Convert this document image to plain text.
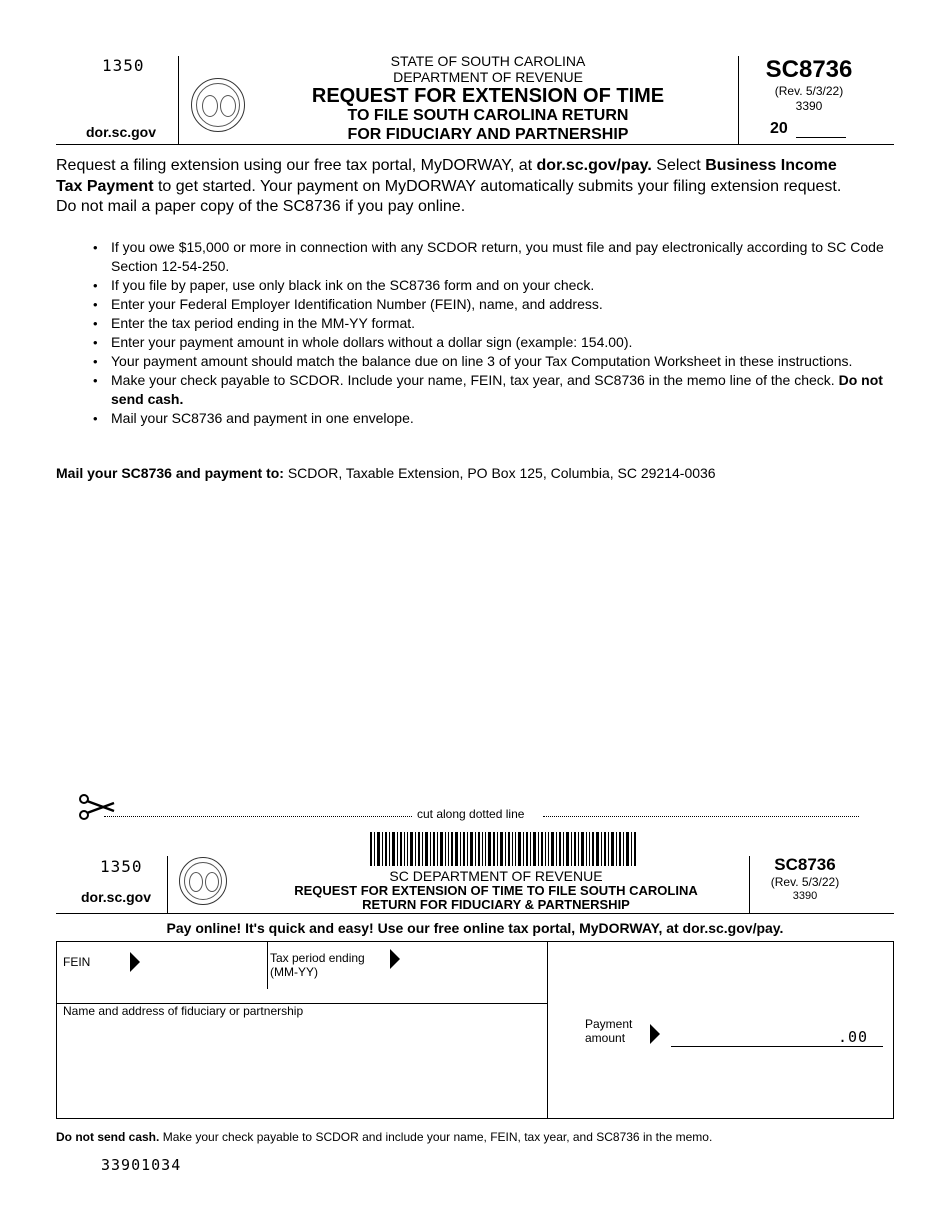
1350
dor.sc.gov
STATE OF SOUTH CAROLINA
DEPARTMENT OF REVENUE
REQUEST FOR EXTENSION OF TIME
TO FILE SOUTH CAROLINA RETURN
FOR FIDUCIARY AND PARTNERSHIP
SC8736
(Rev. 5/3/22)
3390
20
Request a filing extension using our free tax portal, MyDORWAY, at dor.sc.gov/pay. Select Business Income Tax Payment to get started. Your payment on MyDORWAY automatically submits your filing extension request. Do not mail a paper copy of the SC8736 if you pay online.
• If you owe $15,000 or more in connection with any SCDOR return, you must file and pay electronically according to SC Code Section 12-54-250.
• If you file by paper, use only black ink on the SC8736 form and on your check.
• Enter your Federal Employer Identification Number (FEIN), name, and address.
• Enter the tax period ending in the MM-YY format.
• Enter your payment amount in whole dollars without a dollar sign (example: 154.00).
• Your payment amount should match the balance due on line 3 of your Tax Computation Worksheet in these instructions.
• Make your check payable to SCDOR. Include your name, FEIN, tax year, and SC8736 in the memo line of the check. Do not send cash.
• Mail your SC8736 and payment in one envelope.
Mail your SC8736 and payment to: SCDOR, Taxable Extension, PO Box 125, Columbia, SC 29214-0036
cut along dotted line
1350
dor.sc.gov
SC DEPARTMENT OF REVENUE
REQUEST FOR EXTENSION OF TIME TO FILE SOUTH CAROLINA
RETURN FOR FIDUCIARY & PARTNERSHIP
SC8736
(Rev. 5/3/22)
3390
Pay online! It's quick and easy! Use our free online tax portal, MyDORWAY, at dor.sc.gov/pay.
FEIN	Tax period ending
(MM-YY)
Name and address of fiduciary or partnership
Payment
amount	.00
Do not send cash. Make your check payable to SCDOR and include your name, FEIN, tax year, and SC8736 in the memo.
33901034
